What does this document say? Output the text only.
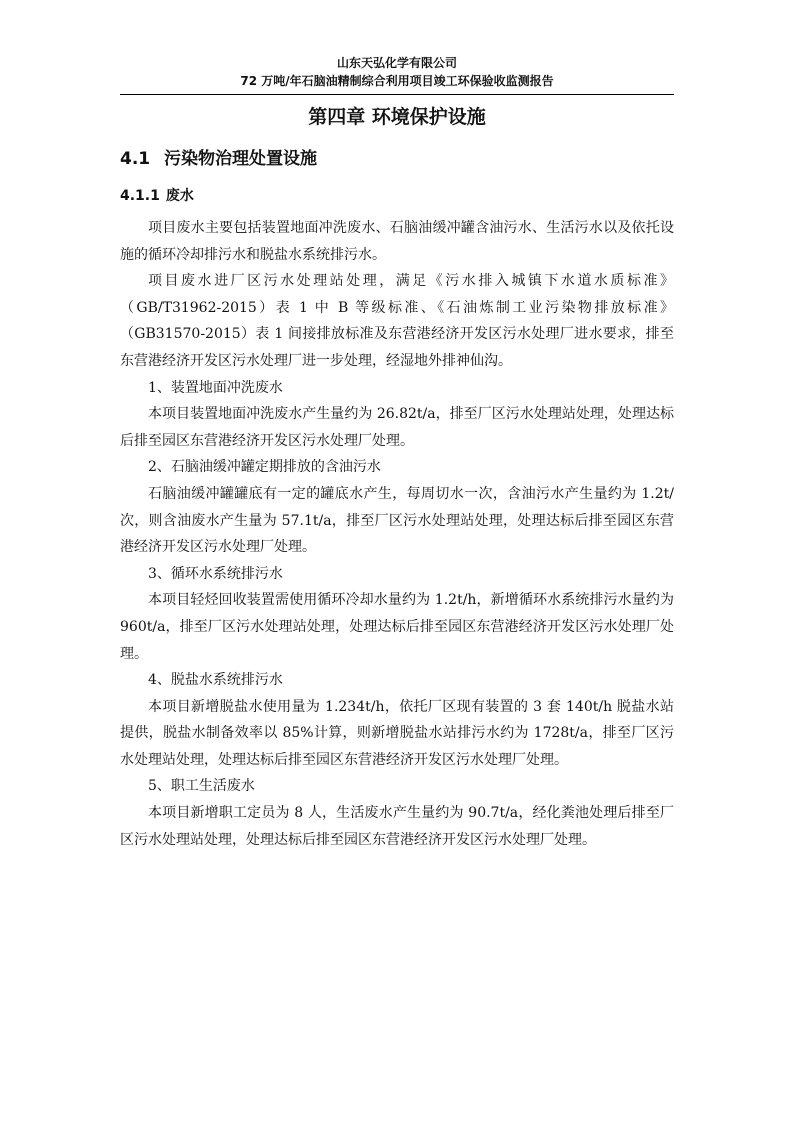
山东天弘化学有限公司
72 万吨/年石脑油精制综合利用项目竣工环保验收监测报告
第四章 环境保护设施
4.1 污染物治理处置设施
4.1.1 废水

项目废水主要包括装置地面冲洗废水、石脑油缓冲罐含油污水、生活污水以及依托设施的循环冷却排污水和脱盐水系统排污水。

项目废水进厂区污水处理站处理，满足《污水排入城镇下水道水质标准》（GB/T31962-2015）表 1 中 B 等级标准、《石油炼制工业污染物排放标准》（GB31570-2015）表 1 间接排放标准及东营港经济开发区污水处理厂进水要求，排至东营港经济开发区污水处理厂进一步处理，经湿地外排神仙沟。

1、装置地面冲洗废水

本项目装置地面冲洗废水产生量约为 26.82t/a，排至厂区污水处理站处理，处理达标后排至园区东营港经济开发区污水处理厂处理。

2、石脑油缓冲罐定期排放的含油污水

石脑油缓冲罐罐底有一定的罐底水产生，每周切水一次，含油污水产生量约为 1.2t/次，则含油废水产生量为 57.1t/a，排至厂区污水处理站处理，处理达标后排至园区东营港经济开发区污水处理厂处理。

3、循环水系统排污水

本项目轻烃回收装置需使用循环冷却水量约为 1.2t/h，新增循环水系统排污水量约为 960t/a，排至厂区污水处理站处理，处理达标后排至园区东营港经济开发区污水处理厂处理。

4、脱盐水系统排污水

本项目新增脱盐水使用量为 1.234t/h，依托厂区现有装置的 3 套 140t/h 脱盐水站提供，脱盐水制备效率以 85%计算，则新增脱盐水站排污水约为 1728t/a，排至厂区污水处理站处理，处理达标后排至园区东营港经济开发区污水处理厂处理。

5、职工生活废水

本项目新增职工定员为 8 人，生活废水产生量约为 90.7t/a，经化粪池处理后排至厂区污水处理站处理，处理达标后排至园区东营港经济开发区污水处理厂处理。
